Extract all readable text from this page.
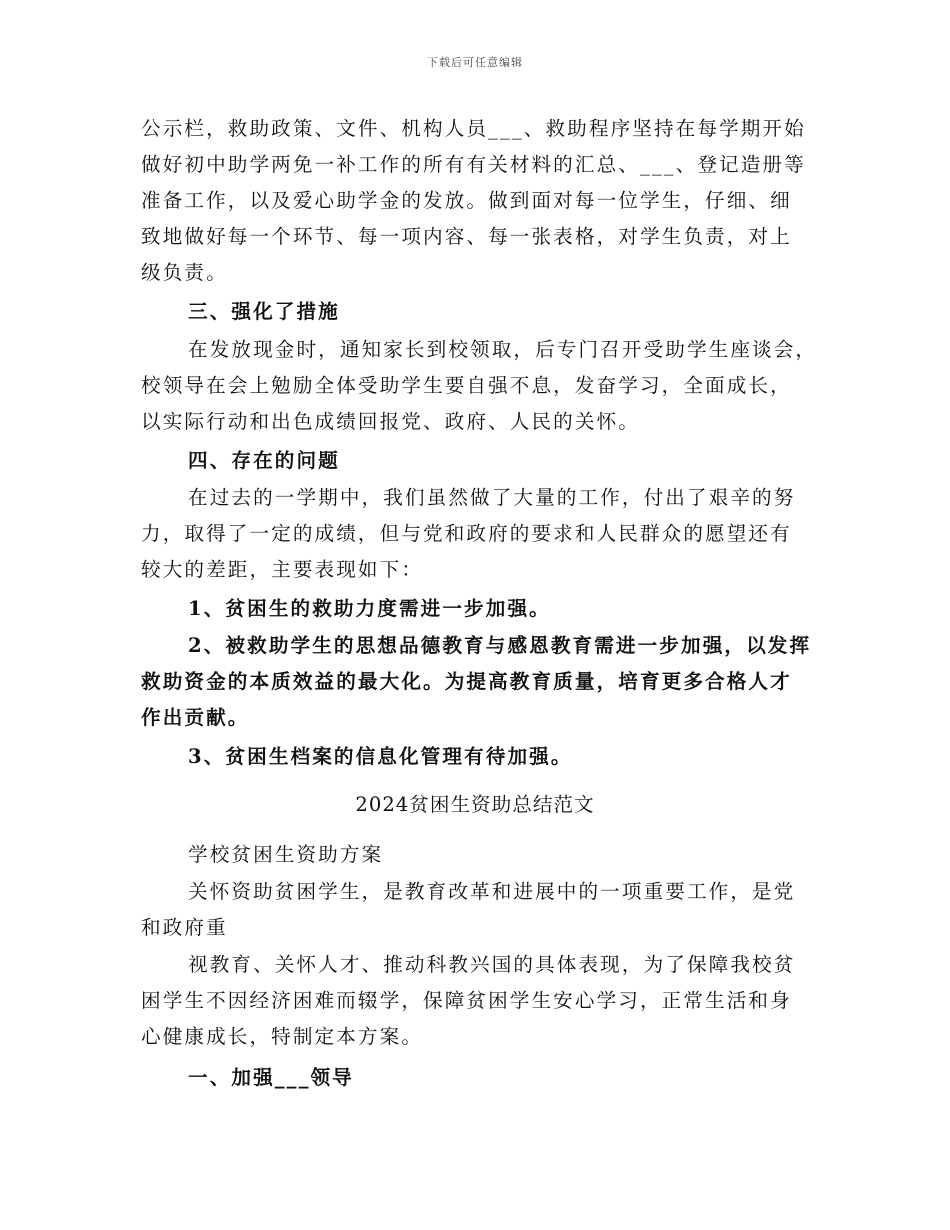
下载后可任意编辑
公示栏，救助政策、文件、机构人员___、救助程序坚持在每学期开始
做好初中助学两免一补工作的所有有关材料的汇总、___、登记造册等
准备工作，以及爱心助学金的发放。做到面对每一位学生，仔细、细
致地做好每一个环节、每一项内容、每一张表格，对学生负责，对上
级负责。
三、强化了措施
在发放现金时，通知家长到校领取，后专门召开受助学生座谈会，
校领导在会上勉励全体受助学生要自强不息，发奋学习，全面成长，
以实际行动和出色成绩回报党、政府、人民的关怀。
四、存在的问题
在过去的一学期中，我们虽然做了大量的工作，付出了艰辛的努
力，取得了一定的成绩，但与党和政府的要求和人民群众的愿望还有
较大的差距，主要表现如下：
1、贫困生的救助力度需进一步加强。
2、被救助学生的思想品德教育与感恩教育需进一步加强，以发挥
救助资金的本质效益的最大化。为提高教育质量，培育更多合格人才
作出贡献。
3、贫困生档案的信息化管理有待加强。
2024贫困生资助总结范文
学校贫困生资助方案
关怀资助贫困学生，是教育改革和进展中的一项重要工作，是党
和政府重
视教育、关怀人才、推动科教兴国的具体表现，为了保障我校贫
困学生不因经济困难而辍学，保障贫困学生安心学习，正常生活和身
心健康成长，特制定本方案。
一、加强___领导
